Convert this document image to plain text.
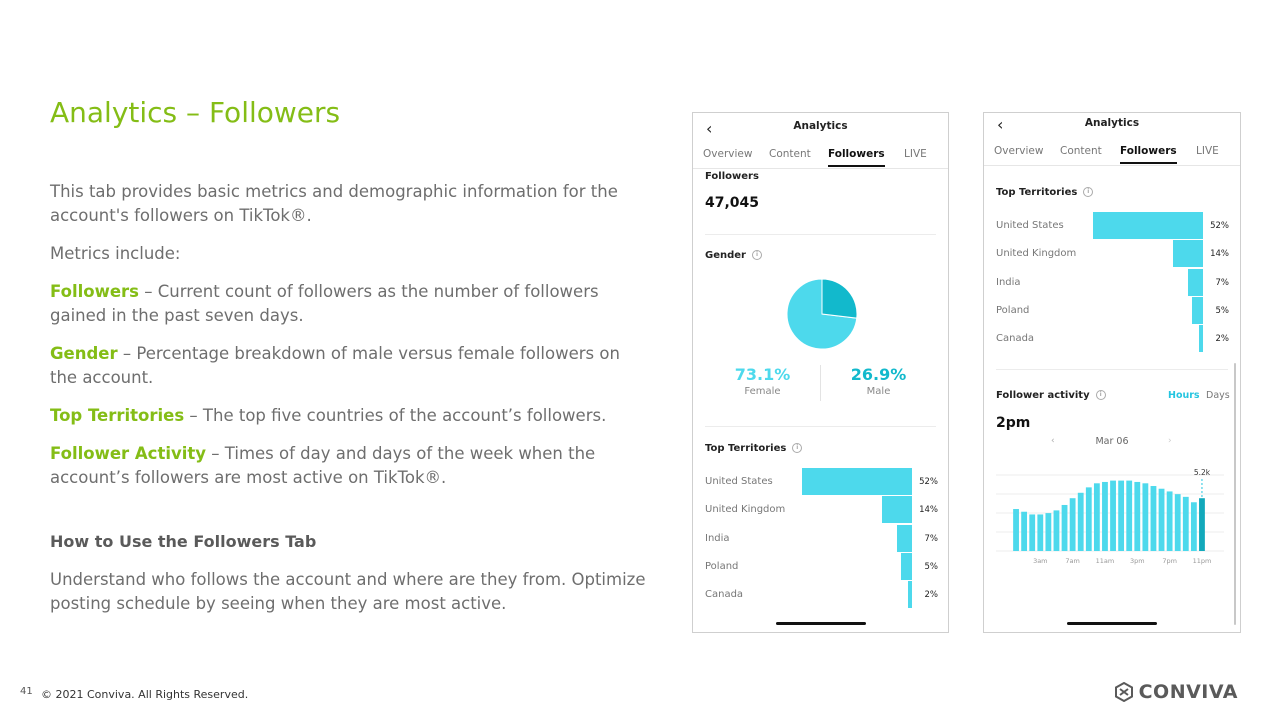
Analytics – Followers

This tab provides basic metrics and demographic information for the account's followers on TikTok®.

Metrics include:

Followers – Current count of followers as the number of followers gained in the past seven days.

Gender – Percentage breakdown of male versus female followers on the account.

Top Territories – The top five countries of the account’s followers.

Follower Activity – Times of day and days of the week when the account’s followers are most active on TikTok®.

How to Use the Followers Tab

Understand who follows the account and where are they from. Optimize posting schedule by seeing when they are most active.

41 © 2021 Conviva. All Rights Reserved.	CONVIVA
‹	Analytics
Overview Content Followers LIVE
Followers
47,045
Gender i
73.1%
Female
26.9%
Male
Top Territories i
United States	52%
United Kingdom	14%
India	7%
Poland	5%
Canada	2%
‹	Analytics
Overview Content Followers LIVE
Top Territories i
United States	52%
United Kingdom	14%
India	7%
Poland	5%
Canada	2%
Follower activity i	Hours Days
2pm
‹	Mar 06	›
5.2k
3am	7am 11am 3pm	7pm 11pm
